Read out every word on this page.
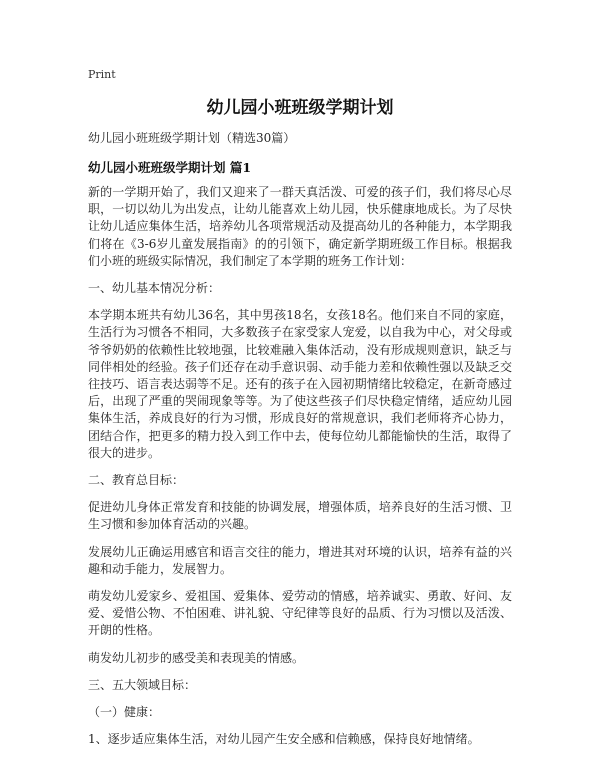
Print
幼儿园小班班级学期计划
幼儿园小班班级学期计划（精选30篇）
幼儿园小班班级学期计划 篇1
新的一学期开始了，我们又迎来了一群天真活泼、可爱的孩子们，我们将尽心尽职，一切以幼儿为出发点，让幼儿能喜欢上幼儿园，快乐健康地成长。为了尽快让幼儿适应集体生活，培养幼儿各项常规活动及提高幼儿的各种能力，本学期我们将在《3-6岁儿童发展指南》的的引领下，确定新学期班级工作目标。根据我们小班的班级实际情况，我们制定了本学期的班务工作计划：
一、幼儿基本情况分析：
本学期本班共有幼儿36名，其中男孩18名，女孩18名。他们来自不同的家庭，生活行为习惯各不相同，大多数孩子在家受家人宠爱，以自我为中心，对父母或爷爷奶奶的依赖性比较地强，比较难融入集体活动，没有形成规则意识，缺乏与同伴相处的经验。孩子们还存在动手意识弱、动手能力差和依赖性强以及缺乏交往技巧、语言表达弱等不足。还有的孩子在入园初期情绪比较稳定，在新奇感过后，出现了严重的哭闹现象等等。为了使这些孩子们尽快稳定情绪，适应幼儿园集体生活，养成良好的行为习惯，形成良好的常规意识，我们老师将齐心协力，团结合作，把更多的精力投入到工作中去，使每位幼儿都能愉快的生活，取得了很大的进步。
二、教育总目标：
促进幼儿身体正常发育和技能的协调发展，增强体质，培养良好的生活习惯、卫生习惯和参加体育活动的兴趣。
发展幼儿正确运用感官和语言交往的能力，增进其对环境的认识，培养有益的兴趣和动手能力，发展智力。
萌发幼儿爱家乡、爱祖国、爱集体、爱劳动的情感，培养诚实、勇敢、好问、友爱、爱惜公物、不怕困难、讲礼貌、守纪律等良好的品质、行为习惯以及活泼、开朗的性格。
萌发幼儿初步的感受美和表现美的情感。
三、五大领域目标：
（一）健康：
1、逐步适应集体生活，对幼儿园产生安全感和信赖感，保持良好地情绪。
